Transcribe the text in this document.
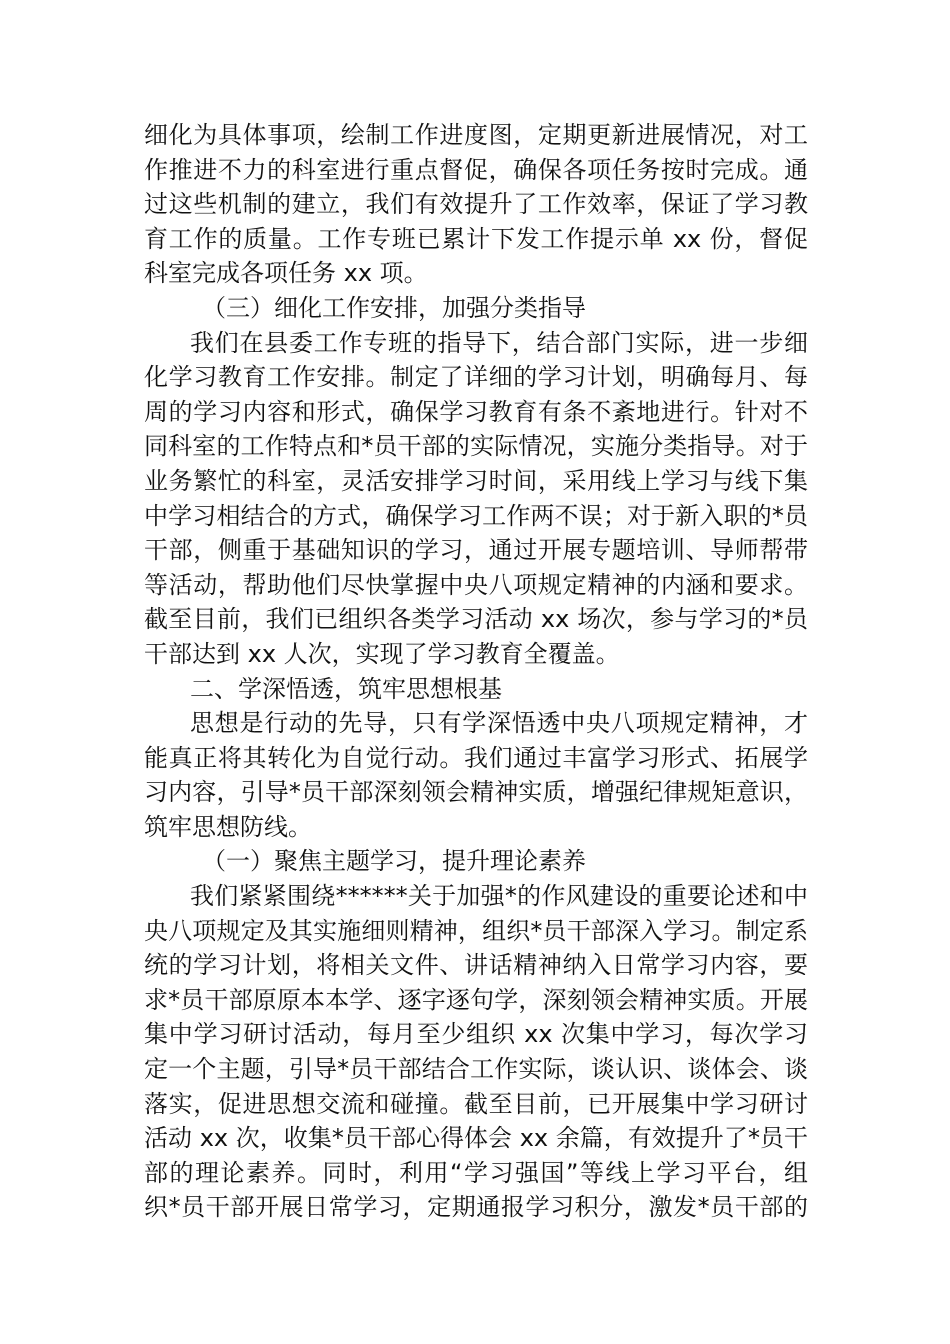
细化为具体事项，绘制工作进度图，定期更新进展情况，对工
作推进不力的科室进行重点督促，确保各项任务按时完成。通
过这些机制的建立，我们有效提升了工作效率，保证了学习教
育工作的质量。工作专班已累计下发工作提示单 xx 份，督促
科室完成各项任务 xx 项。
（三）细化工作安排，加强分类指导
我们在县委工作专班的指导下，结合部门实际，进一步细
化学习教育工作安排。制定了详细的学习计划，明确每月、每
周的学习内容和形式，确保学习教育有条不紊地进行。针对不
同科室的工作特点和*员干部的实际情况，实施分类指导。对于
业务繁忙的科室，灵活安排学习时间，采用线上学习与线下集
中学习相结合的方式，确保学习工作两不误；对于新入职的*员
干部，侧重于基础知识的学习，通过开展专题培训、导师帮带
等活动，帮助他们尽快掌握中央八项规定精神的内涵和要求。
截至目前，我们已组织各类学习活动 xx 场次，参与学习的*员
干部达到 xx 人次，实现了学习教育全覆盖。
二、学深悟透，筑牢思想根基
思想是行动的先导，只有学深悟透中央八项规定精神，才
能真正将其转化为自觉行动。我们通过丰富学习形式、拓展学
习内容，引导*员干部深刻领会精神实质，增强纪律规矩意识，
筑牢思想防线。
（一）聚焦主题学习，提升理论素养
我们紧紧围绕******关于加强*的作风建设的重要论述和中
央八项规定及其实施细则精神，组织*员干部深入学习。制定系
统的学习计划，将相关文件、讲话精神纳入日常学习内容，要
求*员干部原原本本学、逐字逐句学，深刻领会精神实质。开展
集中学习研讨活动，每月至少组织 xx 次集中学习，每次学习
定一个主题，引导*员干部结合工作实际，谈认识、谈体会、谈
落实，促进思想交流和碰撞。截至目前，已开展集中学习研讨
活动 xx 次，收集*员干部心得体会 xx 余篇，有效提升了*员干
部的理论素养。同时，利用“学习强国”等线上学习平台，组
织*员干部开展日常学习，定期通报学习积分，激发*员干部的
